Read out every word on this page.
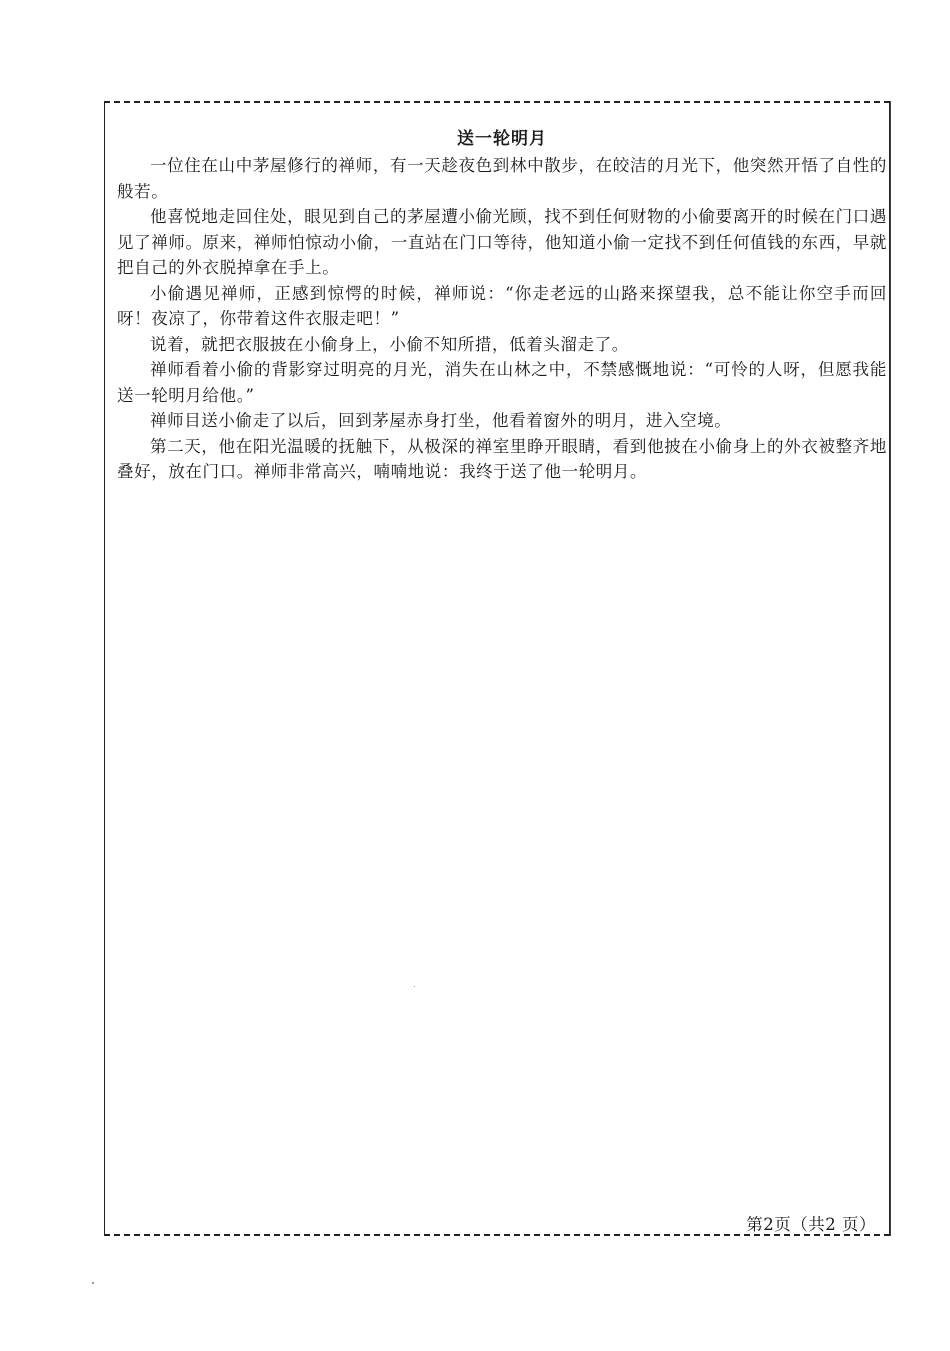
送一轮明月

一位住在山中茅屋修行的禅师，有一天趁夜色到林中散步，在皎洁的月光下，他突然开悟了自性的般若。

他喜悦地走回住处，眼见到自己的茅屋遭小偷光顾，找不到任何财物的小偷要离开的时候在门口遇见了禅师。原来，禅师怕惊动小偷，一直站在门口等待，他知道小偷一定找不到任何值钱的东西，早就把自己的外衣脱掉拿在手上。

小偷遇见禅师，正感到惊愕的时候，禅师说：“你走老远的山路来探望我，总不能让你空手而回呀！夜凉了，你带着这件衣服走吧！”

说着，就把衣服披在小偷身上，小偷不知所措，低着头溜走了。

禅师看着小偷的背影穿过明亮的月光，消失在山林之中，不禁感慨地说：“可怜的人呀，但愿我能送一轮明月给他。”

禅师目送小偷走了以后，回到茅屋赤身打坐，他看着窗外的明月，进入空境。

第二天，他在阳光温暖的抚触下，从极深的禅室里睁开眼睛，看到他披在小偷身上的外衣被整齐地叠好，放在门口。禅师非常高兴，喃喃地说：我终于送了他一轮明月。

第2页（共2 页）
